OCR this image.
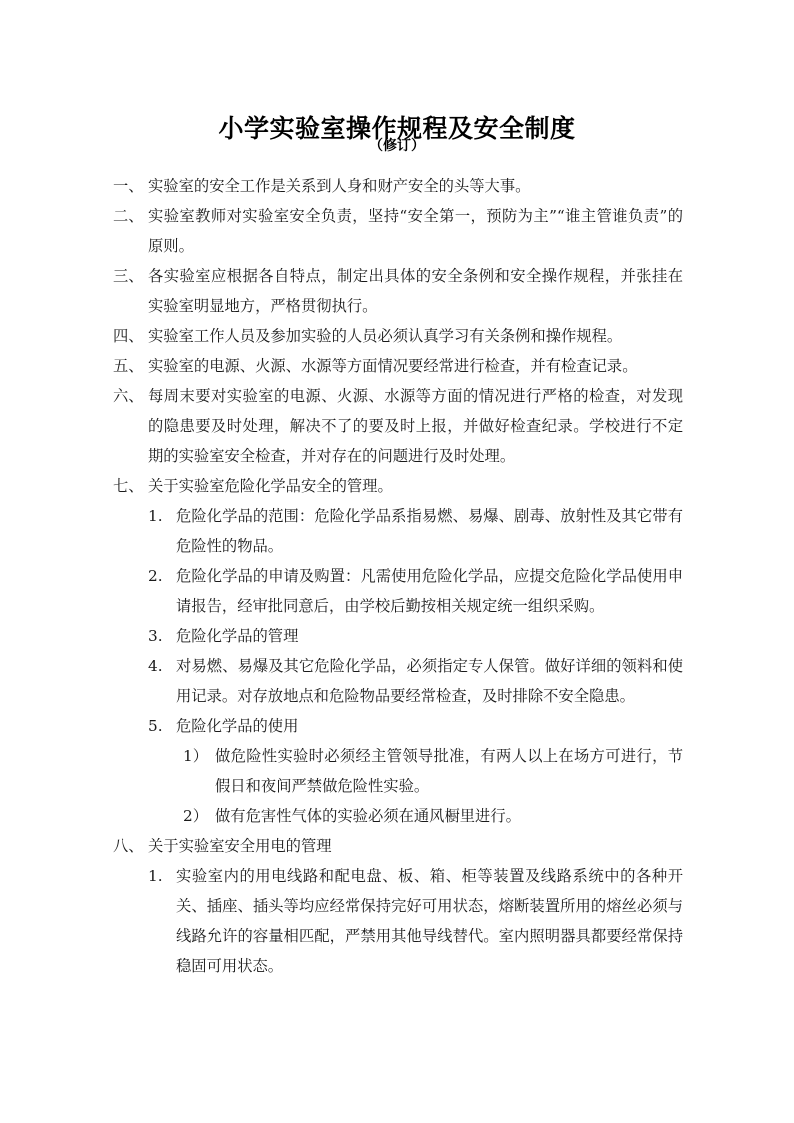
小学实验室操作规程及安全制度
（修订）
一、 实验室的安全工作是关系到人身和财产安全的头等大事。
二、 实验室教师对实验室安全负责，坚持“安全第一，预防为主”“谁主管谁负责”的原则。
三、 各实验室应根据各自特点，制定出具体的安全条例和安全操作规程，并张挂在实验室明显地方，严格贯彻执行。
四、 实验室工作人员及参加实验的人员必须认真学习有关条例和操作规程。
五、 实验室的电源、火源、水源等方面情况要经常进行检查，并有检查记录。
六、 每周末要对实验室的电源、火源、水源等方面的情况进行严格的检查，对发现的隐患要及时处理，解决不了的要及时上报，并做好检查纪录。学校进行不定期的实验室安全检查，并对存在的问题进行及时处理。
七、 关于实验室危险化学品安全的管理。
1. 危险化学品的范围：危险化学品系指易燃、易爆、剧毒、放射性及其它带有危险性的物品。
2. 危险化学品的申请及购置：凡需使用危险化学品，应提交危险化学品使用申请报告，经审批同意后，由学校后勤按相关规定统一组织采购。
3. 危险化学品的管理
4. 对易燃、易爆及其它危险化学品，必须指定专人保管。做好详细的领料和使用记录。对存放地点和危险物品要经常检查，及时排除不安全隐患。
5. 危险化学品的使用
1） 做危险性实验时必须经主管领导批准，有两人以上在场方可进行，节假日和夜间严禁做危险性实验。
2） 做有危害性气体的实验必须在通风橱里进行。
八、 关于实验室安全用电的管理
1. 实验室内的用电线路和配电盘、板、箱、柜等装置及线路系统中的各种开关、插座、插头等均应经常保持完好可用状态，熔断装置所用的熔丝必须与线路允许的容量相匹配，严禁用其他导线替代。室内照明器具都要经常保持稳固可用状态。
